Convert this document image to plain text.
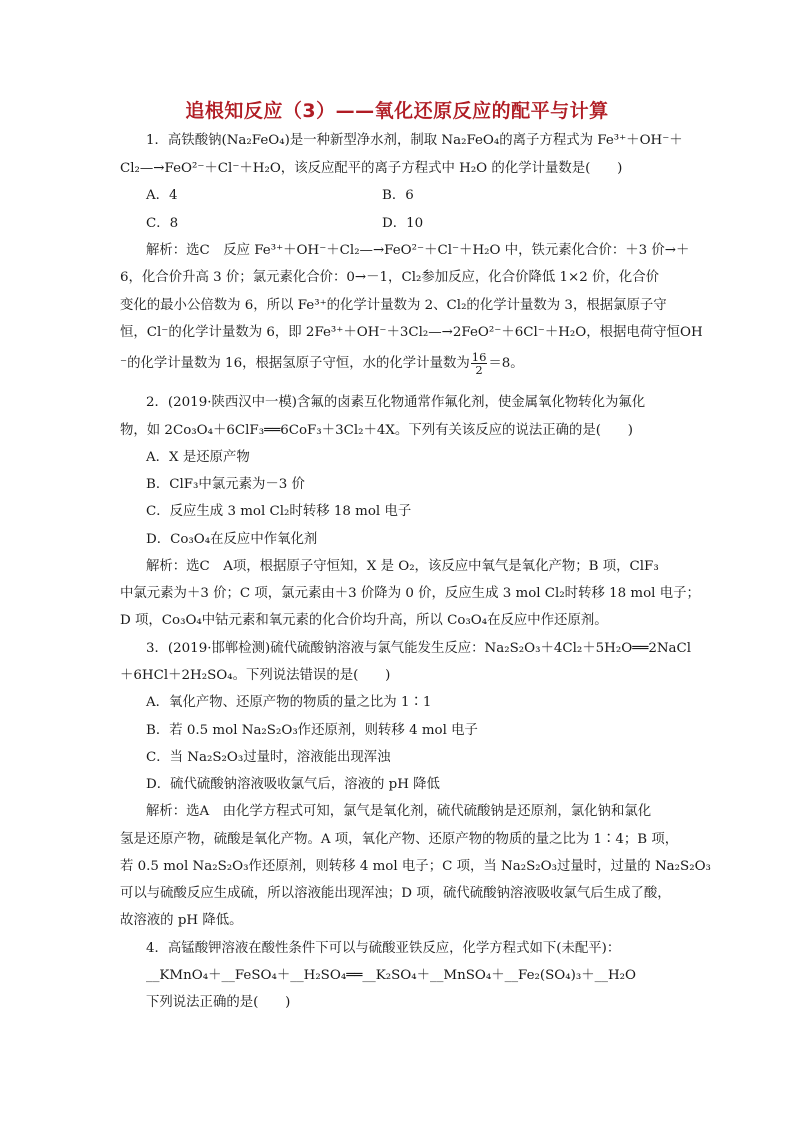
追根知反应（3）——氧化还原反应的配平与计算
1．高铁酸钠(Na₂FeO₄)是一种新型净水剂，制取 Na₂FeO₄的离子方程式为 Fe³⁺＋OH⁻＋
Cl₂—→FeO²⁻＋Cl⁻＋H₂O，该反应配平的离子方程式中 H₂O 的化学计量数是(　　)
A．4	B．6
C．8	D．10
解析：选C　反应 Fe³⁺＋OH⁻＋Cl₂—→FeO²⁻＋Cl⁻＋H₂O 中，铁元素化合价：＋3 价→＋
6，化合价升高 3 价；氯元素化合价：0→－1，Cl₂参加反应，化合价降低 1×2 价，化合价
变化的最小公倍数为 6，所以 Fe³⁺的化学计量数为 2、Cl₂的化学计量数为 3，根据氯原子守
恒，Cl⁻的化学计量数为 6，即 2Fe³⁺＋OH⁻＋3Cl₂—→2FeO²⁻＋6Cl⁻＋H₂O，根据电荷守恒OH
⁻的化学计量数为 16，根据氢原子守恒，水的化学计量数为 $\frac{16}{2} =8$。
2．(2019·陕西汉中一模)含氟的卤素互化物通常作氟化剂，使金属氧化物转化为氟化
物，如 2Co₃O₄＋6ClF₃══6CoF₃＋3Cl₂＋4X。下列有关该反应的说法正确的是(　　)
A．X 是还原产物
B．ClF₃中氯元素为－3 价
C．反应生成 3 mol Cl₂时转移 18 mol 电子
D．Co₃O₄在反应中作氧化剂
解析：选C　A项，根据原子守恒知，X 是 O₂，该反应中氧气是氧化产物；B 项，ClF₃
中氯元素为＋3 价；C 项，氯元素由＋3 价降为 0 价，反应生成 3 mol Cl₂时转移 18 mol 电子；
D 项，Co₃O₄中钴元素和氧元素的化合价均升高，所以 Co₃O₄在反应中作还原剂。
3．(2019·邯郸检测)硫代硫酸钠溶液与氯气能发生反应：Na₂S₂O₃＋4Cl₂＋5H₂O══2NaCl
＋6HCl＋2H₂SO₄。下列说法错误的是(　　)
A．氧化产物、还原产物的物质的量之比为 1∶1
B．若 0.5 mol Na₂S₂O₃作还原剂，则转移 4 mol 电子
C．当 Na₂S₂O₃过量时，溶液能出现浑浊
D．硫代硫酸钠溶液吸收氯气后，溶液的 pH 降低
解析：选A　由化学方程式可知，氯气是氧化剂，硫代硫酸钠是还原剂，氯化钠和氯化
氢是还原产物，硫酸是氧化产物。A 项，氧化产物、还原产物的物质的量之比为 1∶4；B 项，
若 0.5 mol Na₂S₂O₃作还原剂，则转移 4 mol 电子；C 项，当 Na₂S₂O₃过量时，过量的 Na₂S₂O₃
可以与硫酸反应生成硫，所以溶液能出现浑浊；D 项，硫代硫酸钠溶液吸收氯气后生成了酸，
故溶液的 pH 降低。
4．高锰酸钾溶液在酸性条件下可以与硫酸亚铁反应，化学方程式如下(未配平)：
__KMnO₄＋__FeSO₄＋__H₂SO₄══__K₂SO₄＋__MnSO₄＋__Fe₂(SO₄)₃＋__H₂O
下列说法正确的是(　　)
